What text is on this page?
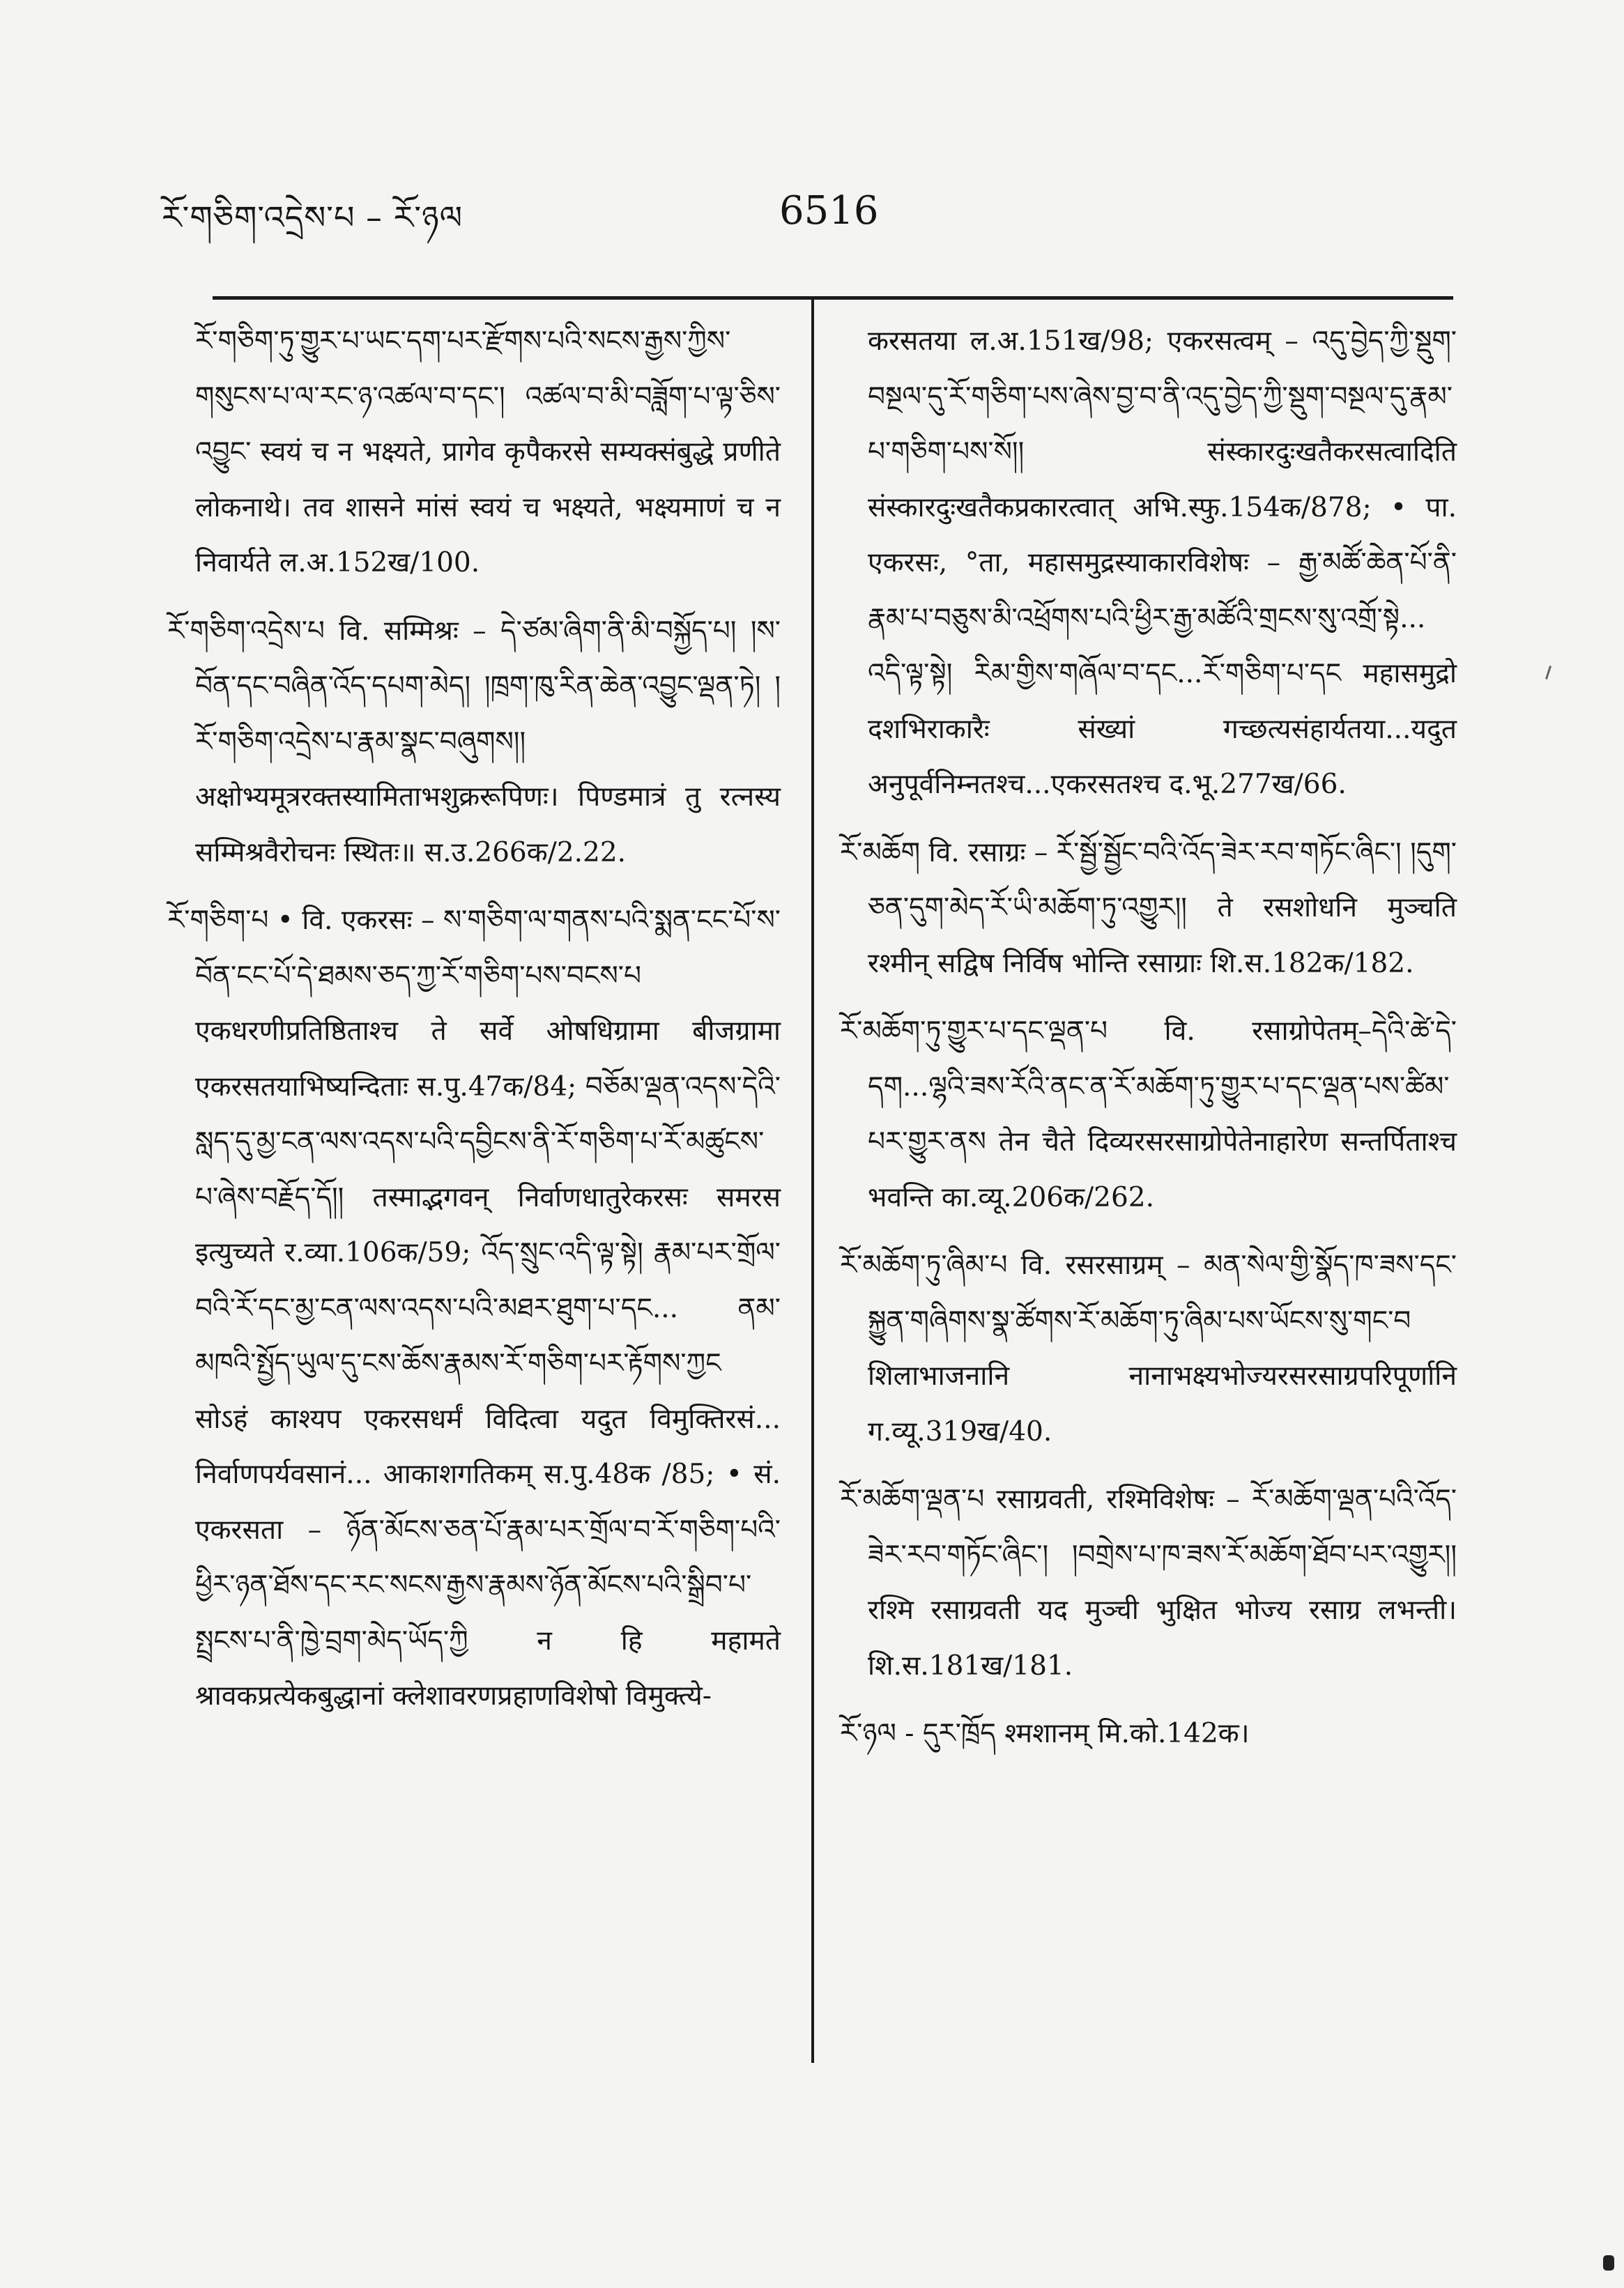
ཪོ་གཅིག་འདྲེས་པ – ཪོ་ཉལ	6516

ཪོ་གཅིག་ཏུ་གྱུར་པ་ཡང་དག་པར་རྫོགས་པའི་སངས་རྒྱས་ཀྱིས་གསུངས་པ་ལ་རང་ཉ་འཚལ་བ་དང༌། འཚལ་བ་མི་བཟློག་པ་ལྟ་ཅིས་འབྱུང་ स्वयं च न भक्ष्यते, प्रागेव कृपैकरसे सम्यक्संबुद्धे प्रणीते लोकनाथे। तव शासने मांसं स्वयं च भक्ष्यते, भक्ष्यमाणं च न निवार्यते ल.अ.152ख/100.

ཪོ་གཅིག་འདྲེས་པ वि. सम्मिश्रः – དེ་ཙམ་ཞིག་ནི་མི་བསྐྱོད་པ། །ས་བོན་དང་བཞིན་འོད་དཔག་མེད། །ཁྲག་ཁུ་རིན་ཆེན་འབྱུང་ལྡན་ཏེ། །ཪོ་གཅིག་འདྲེས་པ་རྣམ་སྣང་བཞུགས།། अक्षोभ्यमूत्ररक्तस्यामिताभशुक्ररूपिणः। पिण्डमात्रं तु रत्नस्य सम्मिश्रवैरोचनः स्थितः॥ स.उ.266क/2.22.

ཪོ་གཅིག་པ • वि. एकरसः – ས་གཅིག་ལ་གནས་པའི་སྨན་ངང་པོ་ས་བོན་ངང་པོ་དེ་ཐམས་ཅད་ཀྱ་ཪོ་གཅིག་པས་བངས་པ एकधरणीप्रतिष्ठिताश्च ते सर्वे ओषधिग्रामा बीजग्रामा एकरसतयाभिष्यन्दिताः स.पु.47क/84; བཅོམ་ལྡན་འདས་དེའི་སླད་དུ་མྱ་ངན་ལས་འདས་པའི་དབྱིངས་ནི་ཪོ་གཅིག་པ་ཪོ་མཚུངས་པ་ཞེས་བརྗོད་དོ།། तस्माद्भगवन् निर्वाणधातुरेकरसः समरस इत्युच्यते र.व्या.106क/59; འོད་སྲུང་འདི་ལྟ་སྟེ། རྣམ་པར་གྲོལ་བའི་ཪོ་དང་མྱ་ངན་ལས་འདས་པའི་མཐར་ཐུག་པ་དང... ནམ་མཁའི་སྤྱོད་ཡུལ་དུ་ངས་ཆོས་རྣམས་ཪོ་གཅིག་པར་རྟོགས་ཀྱང सोऽहं काश्यप एकरसधर्मं विदित्वा यदुत विमुक्तिरसं... निर्वाणपर्यवसानं... आकाशगतिकम् स.पु.48क /85; • सं. एकरसता – ཉོན་མོངས་ཅན་པོ་རྣམ་པར་གྲོལ་བ་ཪོ་གཅིག་པའི་ཕྱིར་ཉན་ཐོས་དང་རང་སངས་རྒྱས་རྣམས་ཉོན་མོངས་པའི་སྒྲིབ་པ་སྤྲངས་པ་ནི་ཁྱེ་བྲག་མེད་ཡོད་ཀྱི न हि महामते श्रावकप्रत्येकबुद्धानां क्लेशावरणप्रहाणविशेषो विमुक्त्ये-

करसतया ल.अ.151ख/98; एकरसत्वम् – འདུ་བྱེད་ཀྱི་སྡུག་བསྔལ་དུ་ཪོ་གཅིག་པས་ཞེས་བྱ་བ་ནི་འདུ་བྱེད་ཀྱི་སྡུག་བསྔལ་དུ་རྣམ་པ་གཅིག་པས་སོ།། संस्कारदुःखतैकरसत्वादिति संस्कारदुःखतैकप्रकारत्वात् अभि.स्फु.154क/878; • पा. एकरसः, °ता, महासमुद्रस्याकारविशेषः – རྒྱ་མཚོ་ཆེན་པོ་ནི་རྣམ་པ་བཅུས་མི་འཕྲོགས་པའི་ཕྱིར་རྒྱ་མཚོའི་གྲངས་སུ་འགྲོ་སྟེ... འདི་ལྟ་སྟེ། རིམ་གྱིས་གཞོལ་བ་དང...ཪོ་གཅིག་པ་དང महासमुद्रो दशभिराकारैः संख्यां गच्छत्यसंहार्यतया...यदुत अनुपूर्वनिम्नतश्च...एकरसतश्च द.भू.277ख/66.

ཪོ་མཆོག वि. रसाग्रः – ཪོ་སྦྱོ་སྦྱོང་བའི་འོད་ཟེར་རབ་གཏོང་ཞིང༌། །དུག་ཅན་དུག་མེད་ཪོ་ཡི་མཆོག་ཏུ་འགྱུར།། ते रसशोधनि मुञ्चति रश्मीन् सद्विष निर्विष भोन्ति रसाग्राः शि.स.182क/182.

ཪོ་མཆོག་ཏུ་གྱུར་པ་དང་ལྡན་པ वि. रसाग्रोपेतम्–དེའི་ཚེ་དེ་དག...ལྷའི་ཟས་ཪོའི་ནང་ན་ཪོ་མཆོག་ཏུ་གྱུར་པ་དང་ལྡན་པས་ཚིམ་པར་གྱུར་ནས तेन चैते दिव्यरसरसाग्रोपेतेनाहारेण सन्तर्पिताश्च भवन्ति का.व्यू.206क/262.

ཪོ་མཆོག་ཏུ་ཞིམ་པ वि. रसरसाग्रम् – མན་སེལ་གྱི་སྣོད་ཁ་ཟས་དང་སྐྱུན་གཞིགས་སྣ་ཚོགས་ཪོ་མཆོག་ཏུ་ཞིམ་པས་ཡོངས་སུ་གང་བ शिलाभाजनानि नानाभक्ष्यभोज्यरसरसाग्रपरिपूर्णानि ग.व्यू.319ख/40.

ཪོ་མཆོག་ལྡན་པ रसाग्रवती, रश्मिविशेषः – ཪོ་མཆོག་ལྡན་པའི་འོད་ཟེར་རབ་གཏོང་ཞིང༌། །བགྲེས་པ་ཁ་ཟས་ཪོ་མཆོག་ཐོབ་པར་འགྱུར།། रश्मि रसाग्रवती यद मुञ्ची भुक्षित भोज्य रसाग्र लभन्ती। शि.स.181ख/181.

ཪོ་ཉལ - དུར་ཁྲོད श्मशानम् मि.को.142क।
